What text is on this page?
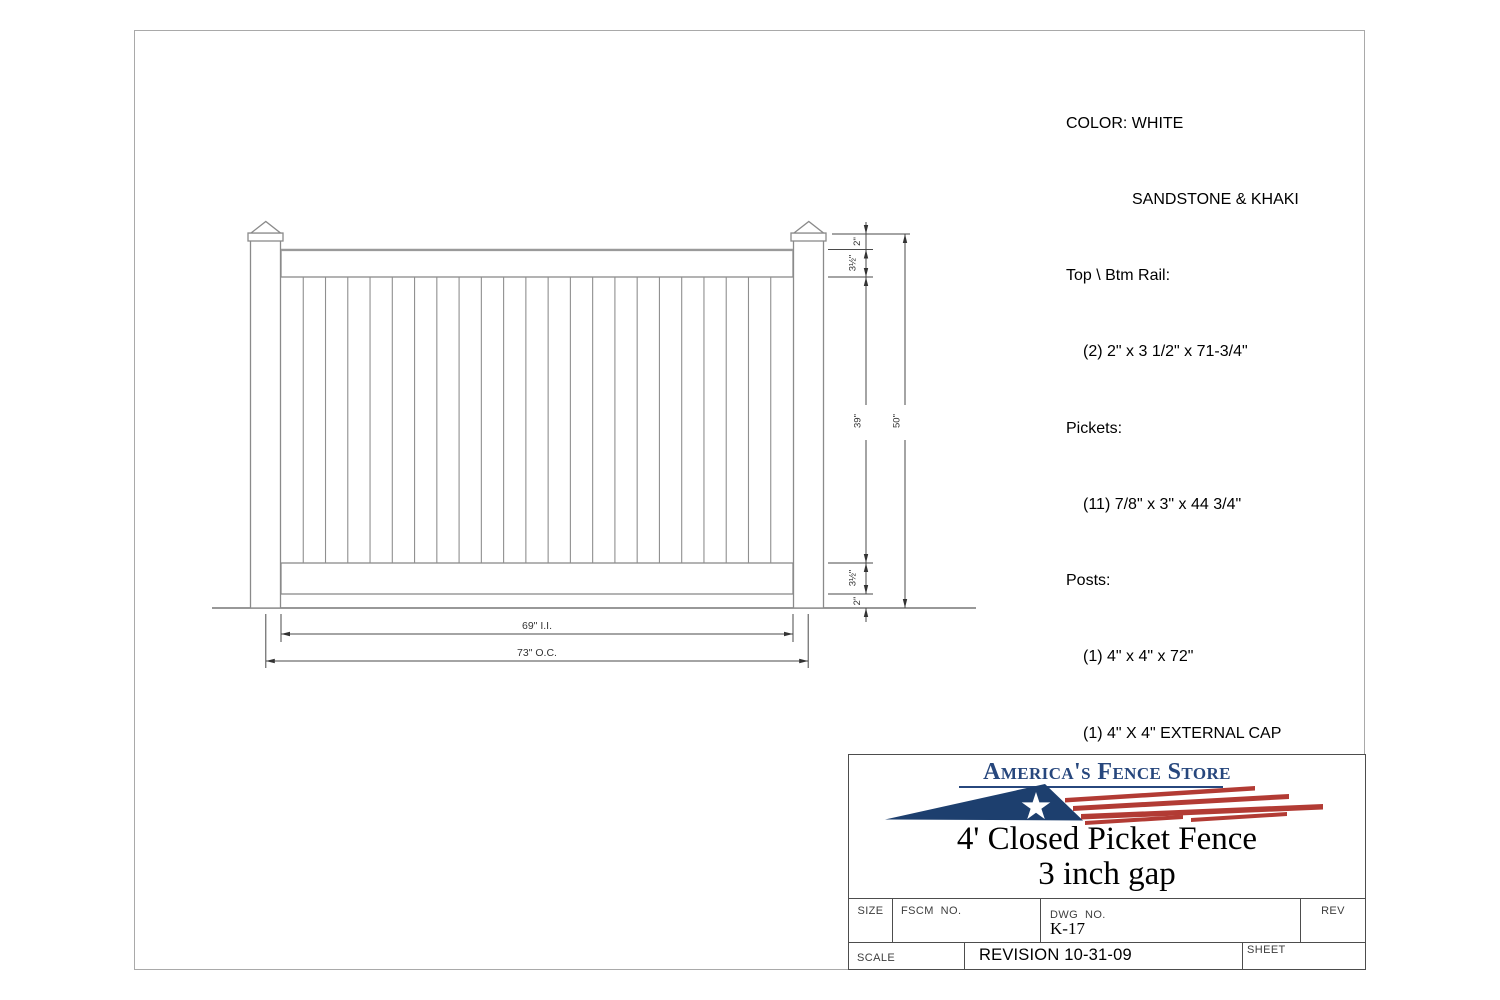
2"
3½"
39"
3½"
2"
50"
69" I.I.
73" O.C.

COLOR: WHITE

SANDSTONE & KHAKI

Top \ Btm Rail:

(2) 2" x 3 1/2" x 71-3/4"

Pickets:

(11) 7/8" x 3" x 44 3/4"

Posts:

(1) 4" x 4" x 72"

(1) 4" X 4" EXTERNAL CAP

America's Fence Store
4' Closed Picket Fence
3 inch gap
SIZE	FSCM  NO.	DWG  NO.
K-17
REV
SCALE	REVISION 10-31-09	SHEET
